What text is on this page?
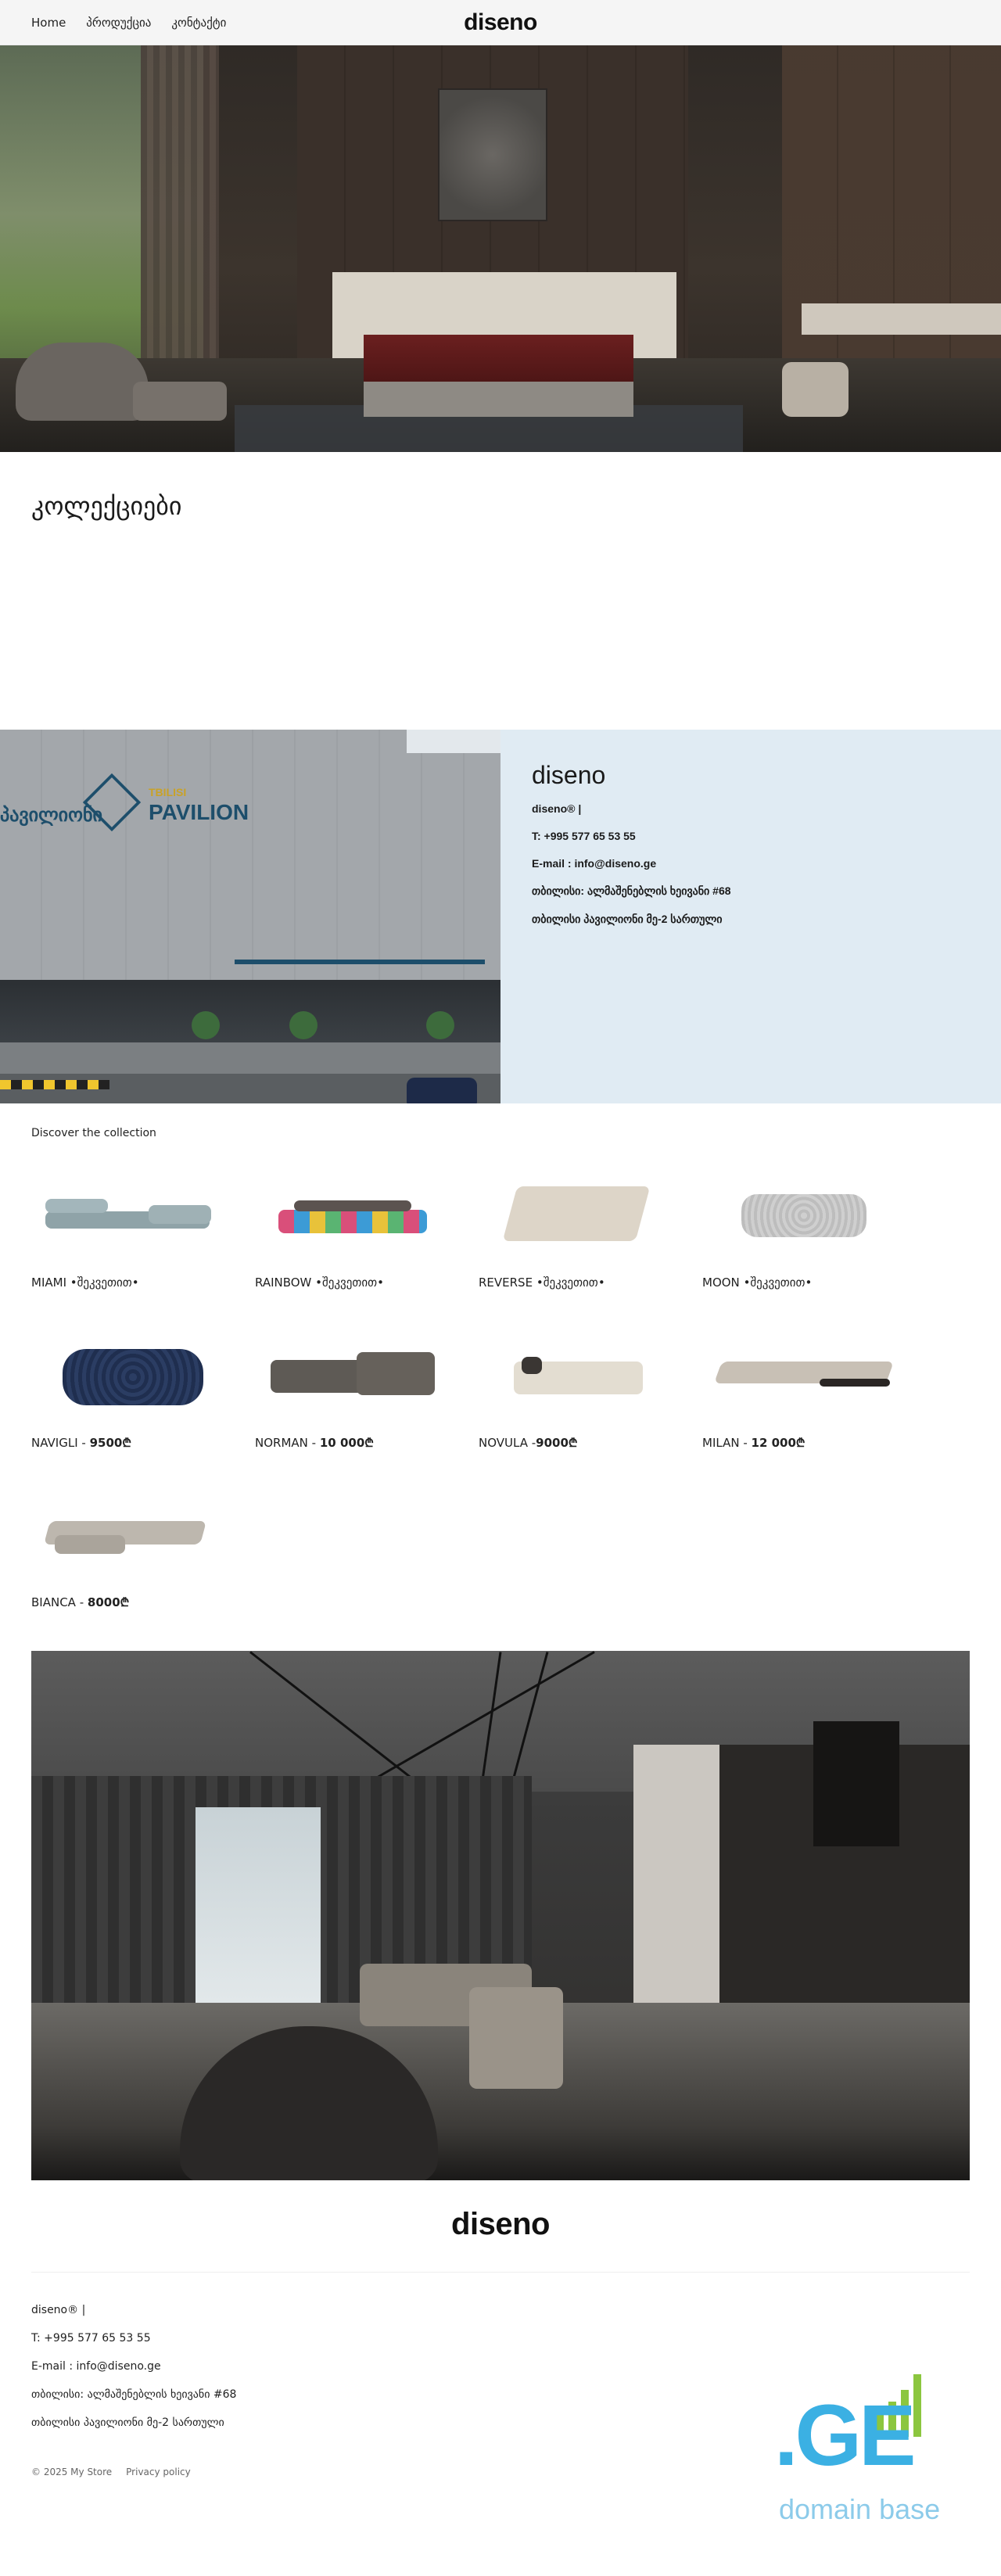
Home პროდუქცია კონტაქტი	diseno
კოლექციები
TBILISI
PAVILION
პავილიონი
diseno

diseno® |

T: +995 577 65 53 55

E-mail : info@diseno.ge

თბილისი: ალმაშენებლის ხეივანი #68

თბილისი პავილიონი მე-2 სართული

Discover the collection
MIAMI •შეკვეთით•	RAINBOW •შეკვეთით•	REVERSE •შეკვეთით•	MOON •შეკვეთით•
NAVIGLI - 9500₾	NORMAN - 10 000₾	NOVULA -9000₾	MILAN - 12 000₾
BIANCA - 8000₾
diseno

diseno® |

T: +995 577 65 53 55

E-mail : info@diseno.ge

თბილისი: ალმაშენებლის ხეივანი #68

თბილისი პავილიონი მე-2 სართული

© 2025 My Store Privacy policy	.GE
domain base
